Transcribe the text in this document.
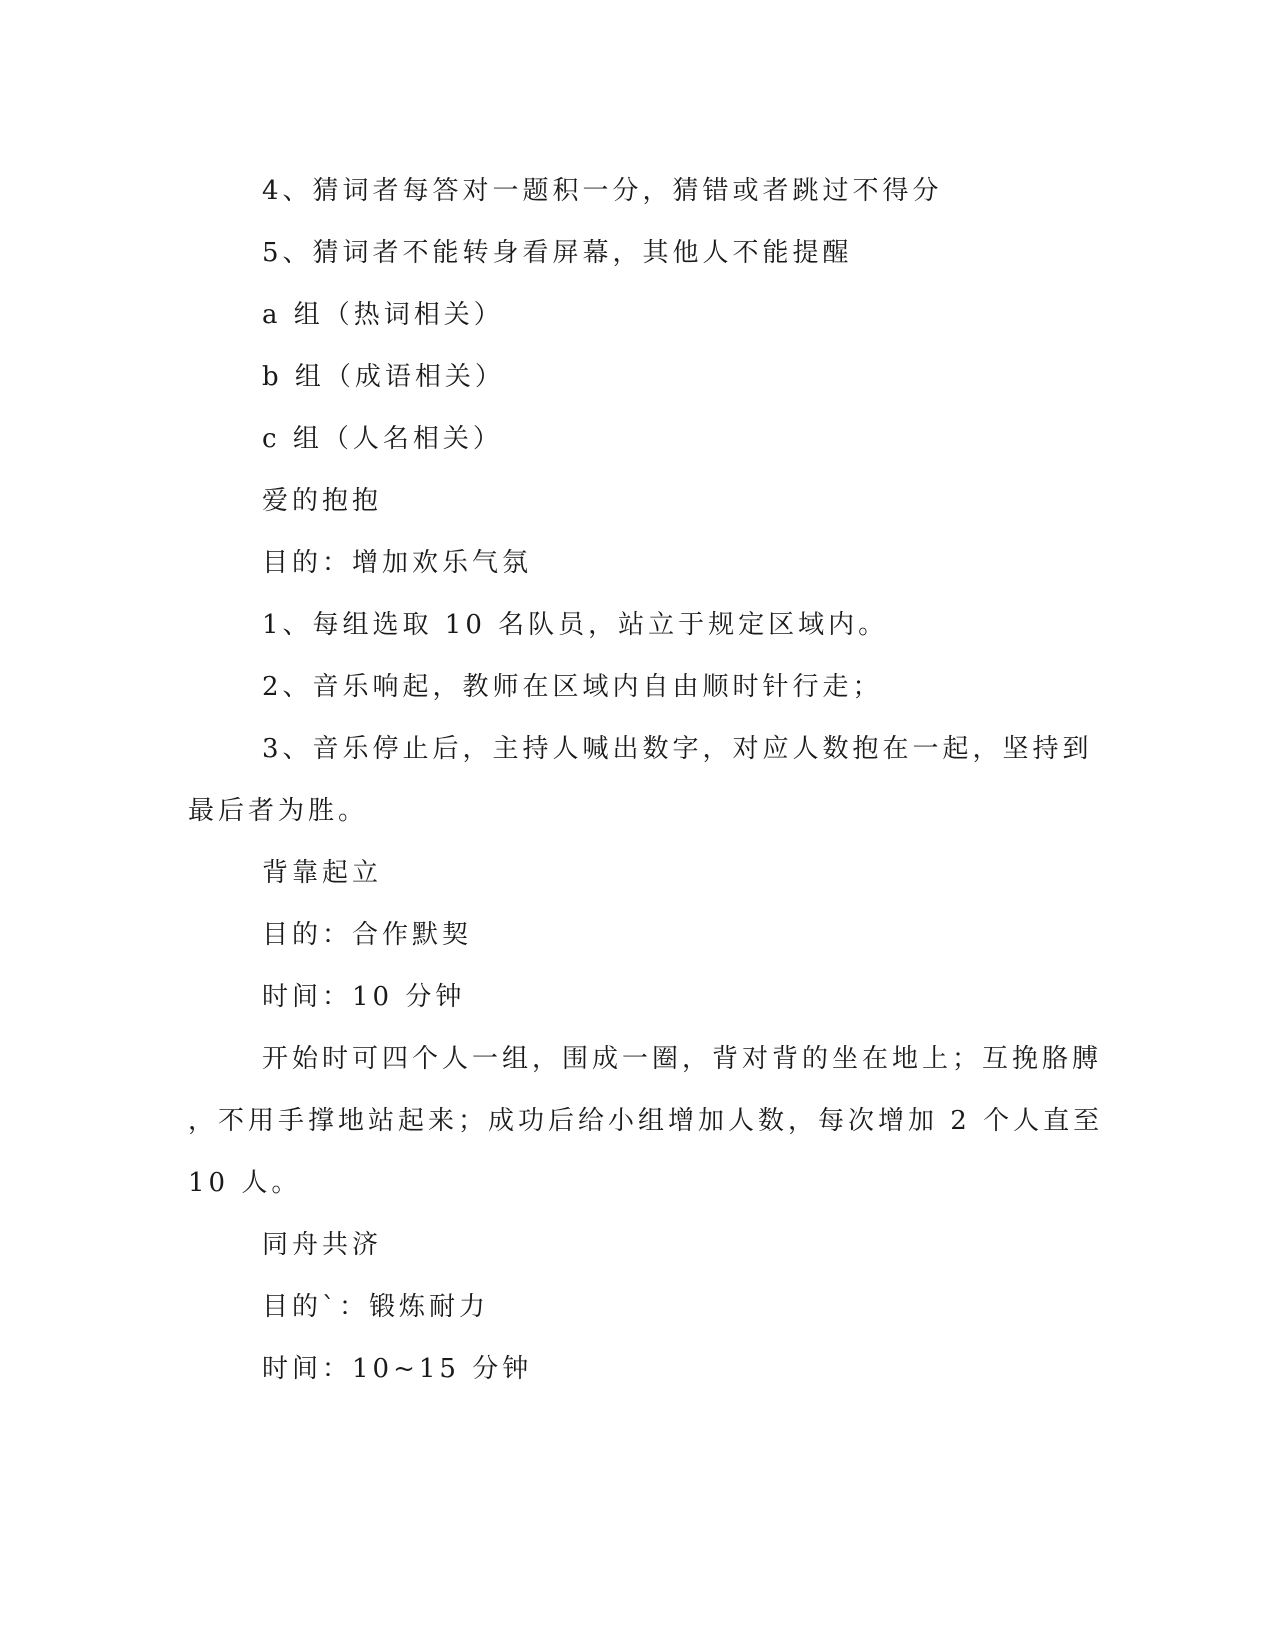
4、猜词者每答对一题积一分，猜错或者跳过不得分
5、猜词者不能转身看屏幕，其他人不能提醒
a 组（热词相关）
b 组（成语相关）
c 组（人名相关）
爱的抱抱
目的：增加欢乐气氛
1、每组选取 10 名队员，站立于规定区域内。
2、音乐响起，教师在区域内自由顺时针行走；
3、音乐停止后，主持人喊出数字，对应人数抱在一起，坚持到
最后者为胜。
背靠起立
目的：合作默契
时间：10 分钟
开始时可四个人一组，围成一圈，背对背的坐在地上；互挽胳膊
，不用手撑地站起来；成功后给小组增加人数，每次增加 2 个人直至
10 人。
同舟共济
目的`：锻炼耐力
时间：10~15 分钟
